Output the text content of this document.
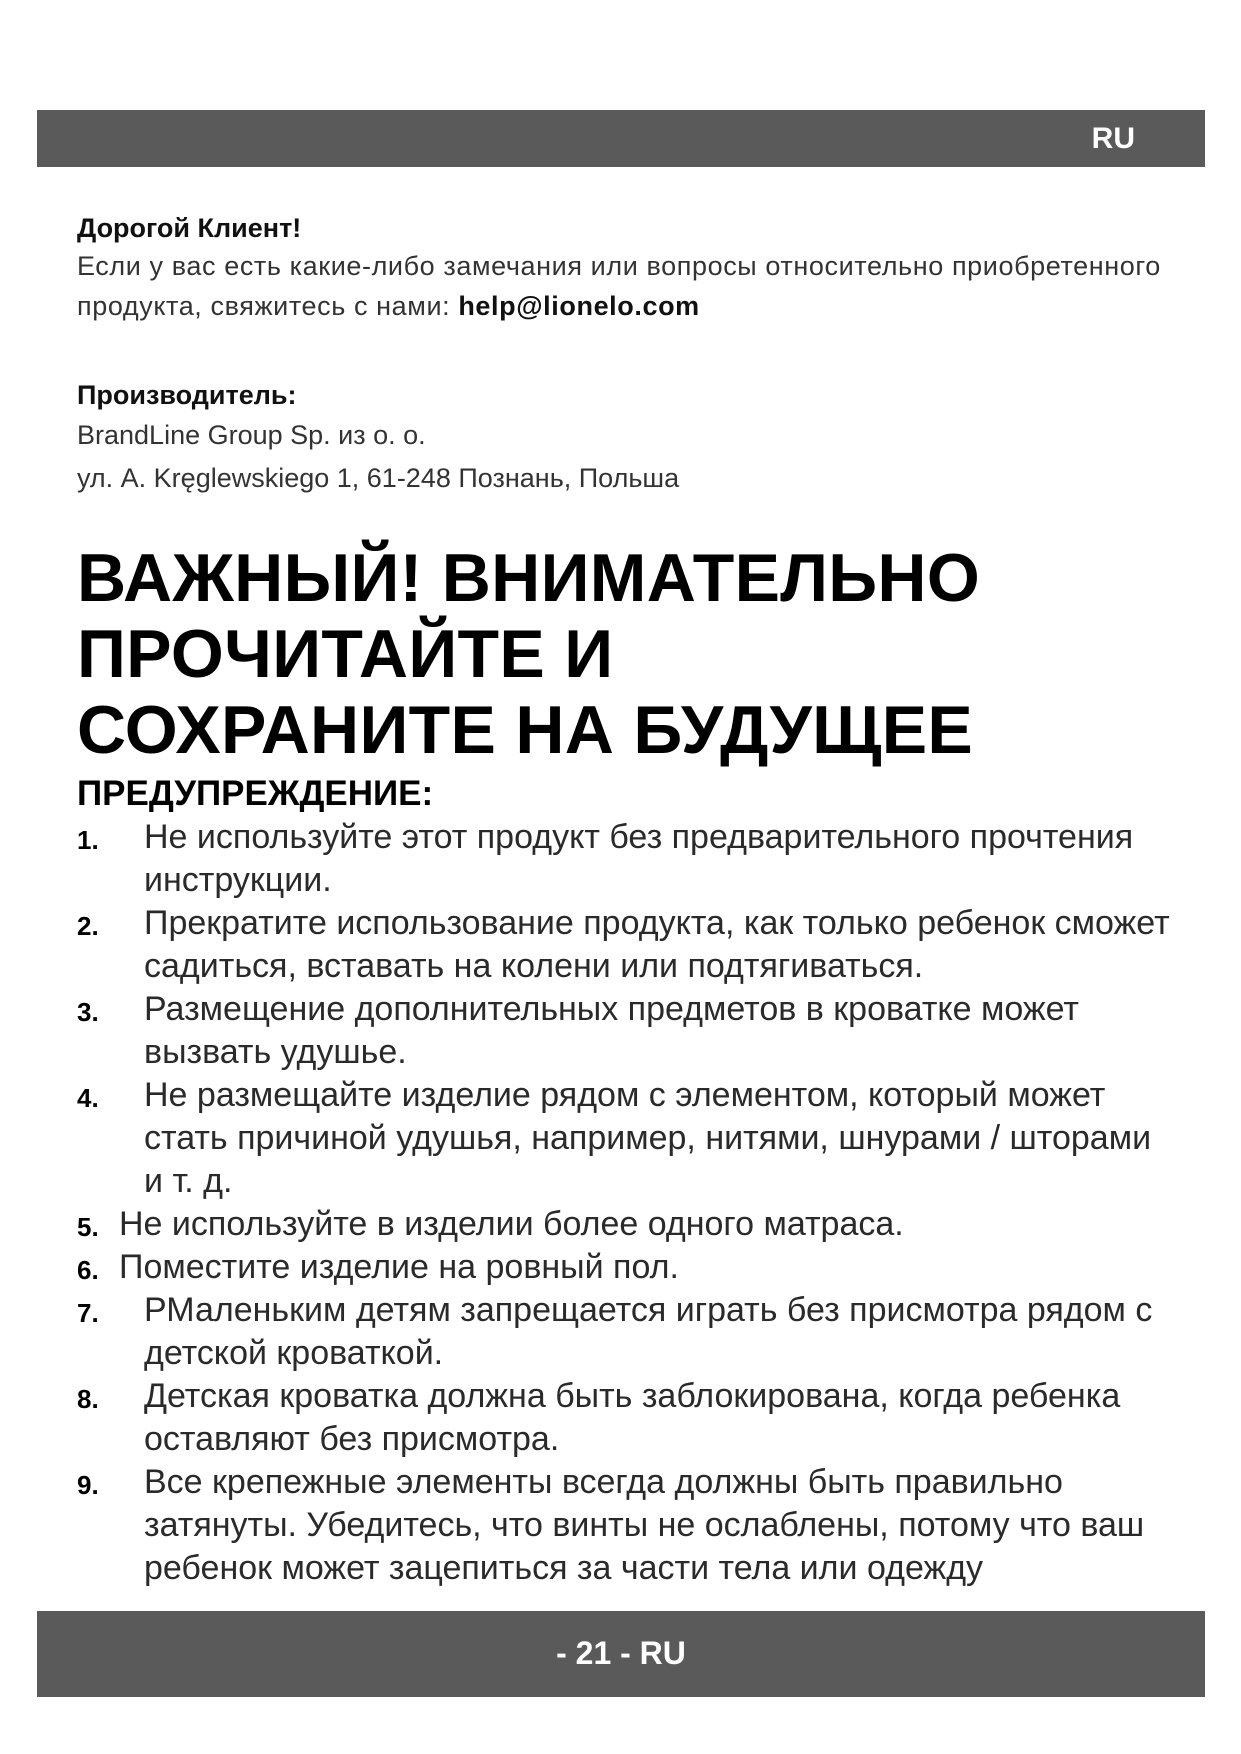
RU

Дорогой Клиент!

Если у вас есть какие-либо замечания или вопросы относительно приобретенного продукта, свяжитесь с нами: help@lionelo.com

Производитель:

BrandLine Group Sp. из о. о.

ул. A. Kręglewskiego 1, 61-248 Познань, Польша

ВАЖНЫЙ! ВНИМАТЕЛЬНО
ПРОЧИТАЙТЕ И
СОХРАНИТЕ НА БУДУЩЕЕ
ПРЕДУПРЕЖДЕНИЕ:
1. Не используйте этот продукт без предварительного прочтения инструкции.
2. Прекратите использование продукта, как только ребенок сможет садиться, вставать на колени или подтягиваться.
3. Размещение дополнительных предметов в кроватке может вызвать удушье.
4. Не размещайте изделие рядом с элементом, который может стать причиной удушья, например, нитями, шнурами / шторами и т. д.
5. Не используйте в изделии более одного матраса.
6. Поместите изделие на ровный пол.
7. РМаленьким детям запрещается играть без присмотра рядом с детской кроваткой.
8. Детская кроватка должна быть заблокирована, когда ребенка оставляют без присмотра.
9. Все крепежные элементы всегда должны быть правильно затянуты. Убедитесь, что винты не ослаблены, потому что ваш ребенок может зацепиться за части тела или одежду
- 21 - RU
